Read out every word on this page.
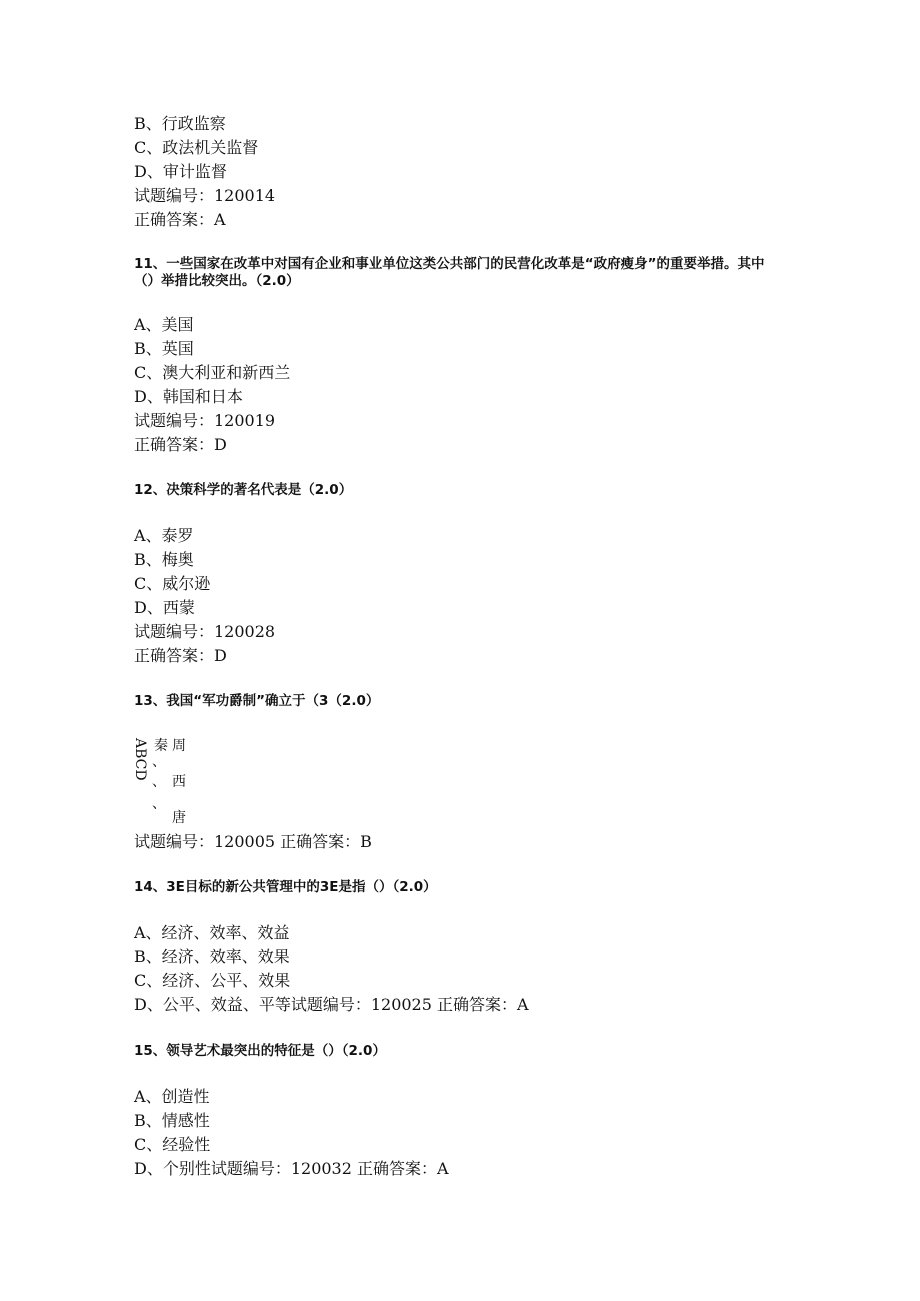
B、行政监察
C、政法机关监督
D、审计监督
试题编号：120014
正确答案：A
11、一些国家在改革中对国有企业和事业单位这类公共部门的民营化改革是“政府瘦身”的重要举措。其中（）举措比较突出。（2.0）
A、美国
B、英国
C、澳大利亚和新西兰
D、韩国和日本
试题编号：120019
正确答案：D
12、决策科学的著名代表是（2.0）
A、泰罗
B、梅奥
C、威尔逊
D、西蒙
试题编号：120028
正确答案：D
13、我国“军功爵制”确立于（3（2.0）
ABCD 秦 周
、
、 西
、
唐
试题编号：120005 正确答案：B
14、3E目标的新公共管理中的3E是指（）（2.0）
A、经济、效率、效益
B、经济、效率、效果
C、经济、公平、效果
D、公平、效益、平等试题编号：120025 正确答案：A
15、领导艺术最突出的特征是（）（2.0）
A、创造性
B、情感性
C、经验性
D、个别性试题编号：120032 正确答案：A
